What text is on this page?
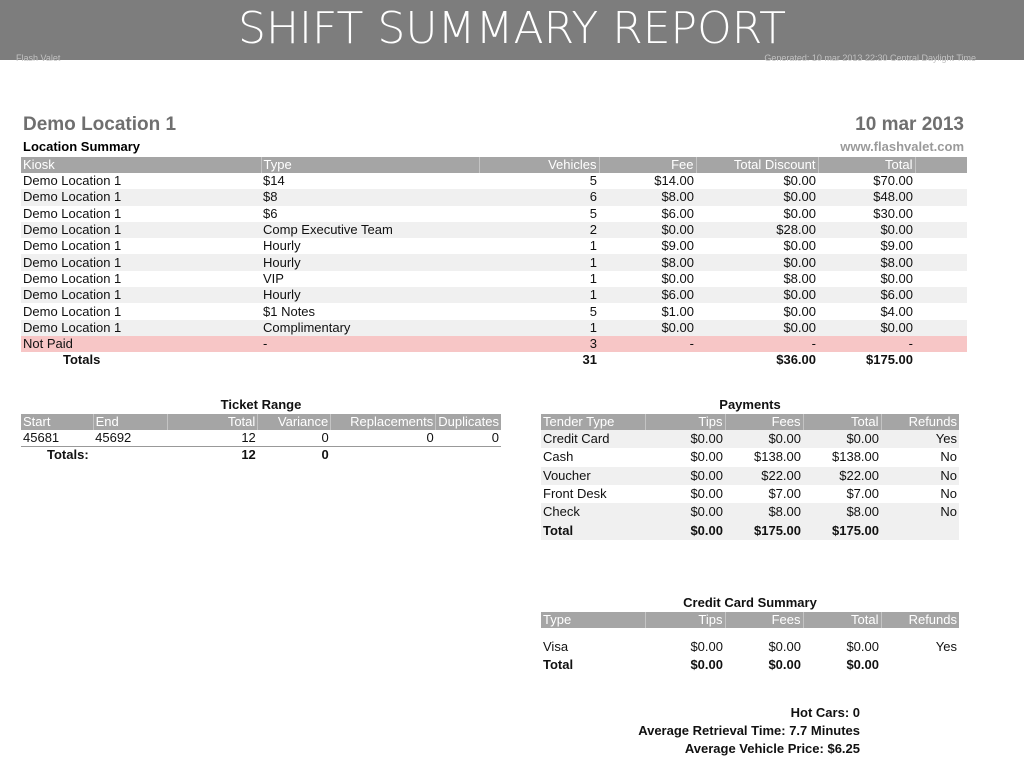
SHIFT SUMMARY REPORT
Flash Valet	Generated: 10 mar 2013 22:30 Central Daylight Time
Demo Location 1	10 mar 2013
Location Summary	www.flashvalet.com
Kiosk	Type	Vehicles	Fee	Total Discount	Total	
Demo Location 1	$14	5	$14.00	$0.00	$70.00	
Demo Location 1	$8	6	$8.00	$0.00	$48.00	
Demo Location 1	$6	5	$6.00	$0.00	$30.00	
Demo Location 1	Comp Executive Team	2	$0.00	$28.00	$0.00	
Demo Location 1	Hourly	1	$9.00	$0.00	$9.00	
Demo Location 1	Hourly	1	$8.00	$0.00	$8.00	
Demo Location 1	VIP	1	$0.00	$8.00	$0.00	
Demo Location 1	Hourly	1	$6.00	$0.00	$6.00	
Demo Location 1	$1 Notes	5	$1.00	$0.00	$4.00	
Demo Location 1	Complimentary	1	$0.00	$0.00	$0.00	
Not Paid	-	3	-	-	-	
Totals		31		$36.00	$175.00	
Ticket Range
Start	End	Total	Variance	Replacements	Duplicates
45681	45692	12	0	0	0
Totals:		12	0		
Payments
Tender Type	Tips	Fees	Total	Refunds
Credit Card	$0.00	$0.00	$0.00	Yes
Cash	$0.00	$138.00	$138.00	No
Voucher	$0.00	$22.00	$22.00	No
Front Desk	$0.00	$7.00	$7.00	No
Check	$0.00	$8.00	$8.00	No
Total	$0.00	$175.00	$175.00	
Credit Card Summary
Type	Tips	Fees	Total	Refunds

Visa	$0.00	$0.00	$0.00	Yes
Total	$0.00	$0.00	$0.00	
Hot Cars: 0
Average Retrieval Time: 7.7 Minutes
Average Vehicle Price: $6.25
